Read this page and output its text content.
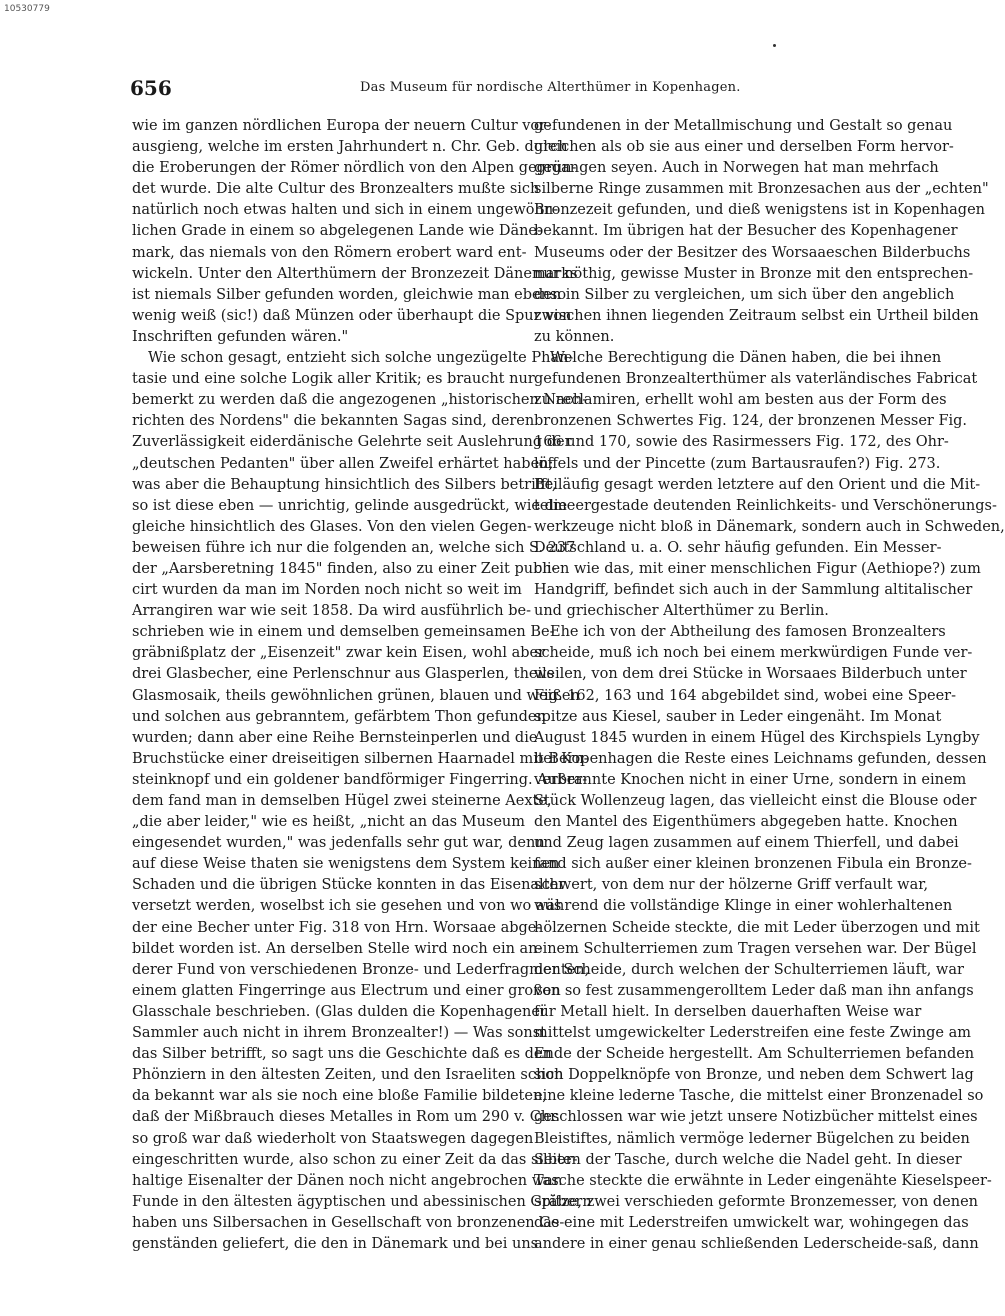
10530779
656	Das Museum für nordische Alterthümer in Kopenhagen.
wie im ganzen nördlichen Europa der neuern Cultur vor-
ausgieng, welche im ersten Jahrhundert n. Chr. Geb. durch
die Eroberungen der Römer nördlich von den Alpen gegrün-
det wurde. Die alte Cultur des Bronzealters mußte sich
natürlich noch etwas halten und sich in einem ungewöhn-
lichen Grade in einem so abgelegenen Lande wie Däne-
mark, das niemals von den Römern erobert ward ent-
wickeln. Unter den Alterthümern der Bronzezeit Dänemarks
ist niemals Silber gefunden worden, gleichwie man ebenso
wenig weiß (sic!) daß Münzen oder überhaupt die Spur von
Inschriften gefunden wären."
Wie schon gesagt, entzieht sich solche ungezügelte Phan-
tasie und eine solche Logik aller Kritik; es braucht nur
bemerkt zu werden daß die angezogenen „historischen Nach-
richten des Nordens" die bekannten Sagas sind, deren
Zuverlässigkeit eiderdänische Gelehrte seit Auslehrung der
„deutschen Pedanten" über allen Zweifel erhärtet haben;
was aber die Behauptung hinsichtlich des Silbers betrifft,
so ist diese eben — unrichtig, gelinde ausgedrückt, wie die
gleiche hinsichtlich des Glases. Von den vielen Gegen-
beweisen führe ich nur die folgenden an, welche sich S. 237
der „Aarsberetning 1845" finden, also zu einer Zeit publi-
cirt wurden da man im Norden noch nicht so weit im
Arrangiren war wie seit 1858. Da wird ausführlich be-
schrieben wie in einem und demselben gemeinsamen Be-
gräbnißplatz der „Eisenzeit" zwar kein Eisen, wohl aber
drei Glasbecher, eine Perlenschnur aus Glasperlen, theils
Glasmosaik, theils gewöhnlichen grünen, blauen und weißen
und solchen aus gebranntem, gefärbtem Thon gefunden
wurden; dann aber eine Reihe Bernsteinperlen und die
Bruchstücke einer dreiseitigen silbernen Haarnadel mit Bern-
steinknopf und ein goldener bandförmiger Fingerring. Außer-
dem fand man in demselben Hügel zwei steinerne Aexte,
„die aber leider," wie es heißt, „nicht an das Museum
eingesendet wurden," was jedenfalls sehr gut war, denn
auf diese Weise thaten sie wenigstens dem System keinen
Schaden und die übrigen Stücke konnten in das Eisenalter
versetzt werden, woselbst ich sie gesehen und von wo aus
der eine Becher unter Fig. 318 von Hrn. Worsaae abge-
bildet worden ist. An derselben Stelle wird noch ein an-
derer Fund von verschiedenen Bronze- und Lederfragmenten,
einem glatten Fingerringe aus Electrum und einer großen
Glasschale beschrieben. (Glas dulden die Kopenhagener
Sammler auch nicht in ihrem Bronzealter!) — Was sonst
das Silber betrifft, so sagt uns die Geschichte daß es den
Phönziern in den ältesten Zeiten, und den Israeliten schon
da bekannt war als sie noch eine bloße Familie bildeten,
daß der Mißbrauch dieses Metalles in Rom um 290 v. Chr.
so groß war daß wiederholt von Staatswegen dagegen
eingeschritten wurde, also schon zu einer Zeit da das silber-
haltige Eisenalter der Dänen noch nicht angebrochen war.
Funde in den ältesten ägyptischen und abessinischen Gräbern
haben uns Silbersachen in Gesellschaft von bronzenen Ge-
genständen geliefert, die den in Dänemark und bei uns
gefundenen in der Metallmischung und Gestalt so genau
gleichen als ob sie aus einer und derselben Form hervor-
gegangen seyen. Auch in Norwegen hat man mehrfach
silberne Ringe zusammen mit Bronzesachen aus der „echten"
Bronzezeit gefunden, und dieß wenigstens ist in Kopenhagen
bekannt. Im übrigen hat der Besucher des Kopenhagener
Museums oder der Besitzer des Worsaaeschen Bilderbuchs
nur nöthig, gewisse Muster in Bronze mit den entsprechen-
den in Silber zu vergleichen, um sich über den angeblich
zwischen ihnen liegenden Zeitraum selbst ein Urtheil bilden
zu können.
Welche Berechtigung die Dänen haben, die bei ihnen
gefundenen Bronzealterthümer als vaterländisches Fabricat
zu reclamiren, erhellt wohl am besten aus der Form des
bronzenen Schwertes Fig. 124, der bronzenen Messer Fig.
166 und 170, sowie des Rasirmessers Fig. 172, des Ohr-
löffels und der Pincette (zum Bartausraufen?) Fig. 273.
Beiläufig gesagt werden letztere auf den Orient und die Mit-
telmeergestade deutenden Reinlichkeits- und Verschönerungs-
werkzeuge nicht bloß in Dänemark, sondern auch in Schweden,
Deutschland u. a. O. sehr häufig gefunden. Ein Messer-
chen wie das, mit einer menschlichen Figur (Aethiope?) zum
Handgriff, befindet sich auch in der Sammlung altitalischer
und griechischer Alterthümer zu Berlin.
Ehe ich von der Abtheilung des famosen Bronzealters
scheide, muß ich noch bei einem merkwürdigen Funde ver-
weilen, von dem drei Stücke in Worsaaes Bilderbuch unter
Fig. 162, 163 und 164 abgebildet sind, wobei eine Speer-
spitze aus Kiesel, sauber in Leder eingenäht. Im Monat
August 1845 wurden in einem Hügel des Kirchspiels Lyngby
bei Kopenhagen die Reste eines Leichnams gefunden, dessen
verbrannte Knochen nicht in einer Urne, sondern in einem
Stück Wollenzeug lagen, das vielleicht einst die Blouse oder
den Mantel des Eigenthümers abgegeben hatte. Knochen
und Zeug lagen zusammen auf einem Thierfell, und dabei
fand sich außer einer kleinen bronzenen Fibula ein Bronze-
schwert, von dem nur der hölzerne Griff verfault war,
während die vollständige Klinge in einer wohlerhaltenen
hölzernen Scheide steckte, die mit Leder überzogen und mit
einem Schulterriemen zum Tragen versehen war. Der Bügel
der Scheide, durch welchen der Schulterriemen läuft, war
von so fest zusammengerolltem Leder daß man ihn anfangs
für Metall hielt. In derselben dauerhaften Weise war
mittelst umgewickelter Lederstreifen eine feste Zwinge am
Ende der Scheide hergestellt. Am Schulterriemen befanden
sich Doppelknöpfe von Bronze, und neben dem Schwert lag
eine kleine lederne Tasche, die mittelst einer Bronzenadel so
geschlossen war wie jetzt unsere Notizbücher mittelst eines
Bleistiftes, nämlich vermöge lederner Bügelchen zu beiden
Seiten der Tasche, durch welche die Nadel geht. In dieser
Tasche steckte die erwähnte in Leder eingenähte Kieselspeer-
spitze, zwei verschieden geformte Bronzemesser, von denen
das eine mit Lederstreifen umwickelt war, wohingegen das
andere in einer genau schließenden Lederscheide-saß, dann
